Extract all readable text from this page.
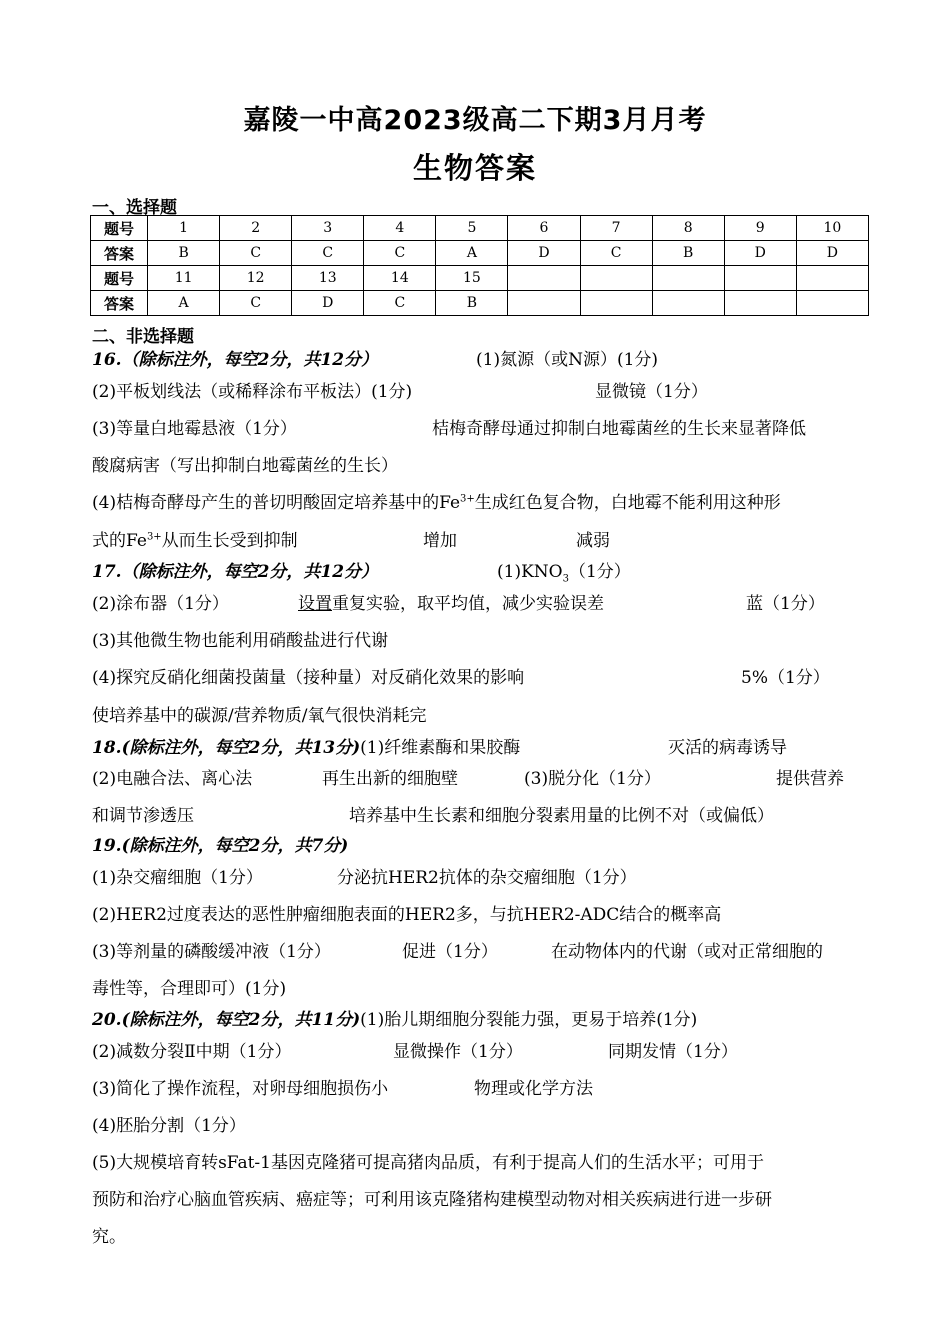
嘉陵一中高2023级高二下期3月月考
生物答案
一、选择题
题号	1	2	3	4	5	6	7	8	9	10
答案	B	C	C	C	A	D	C	B	D	D
题号	11	12	13	14	15					
答案	A	C	D	C	B					
二、非选择题
16.（除标注外，每空2分，共12分）	(1)氮源（或N源）(1分)
(2)平板划线法（或稀释涂布平板法）(1分)	显微镜（1分）
(3)等量白地霉悬液（1分）	桔梅奇酵母通过抑制白地霉菌丝的生长来显著降低
酸腐病害（写出抑制白地霉菌丝的生长）
(4)桔梅奇酵母产生的普切明酸固定培养基中的$Fe^{3+}$生成红色复合物，白地霉不能利用这种形
式的$Fe^{3+}$从而生长受到抑制	增加	减弱
17.（除标注外，每空2分，共12分）	$(1)KNO_3(1$分）
(2)涂布器（1分）	设置重复实验，取平均值，减少实验误差	蓝（1分）
(3)其他微生物也能利用硝酸盐进行代谢
(4)探究反硝化细菌投菌量（接种量）对反硝化效果的影响	5%（1分）
使培养基中的碳源/营养物质/氧气很快消耗完
18.(除标注外，每空2分，共13分)(1)纤维素酶和果胶酶	灭活的病毒诱导
(2)电融合法、离心法	再生出新的细胞壁	(3)脱分化（1分）	提供营养
和调节渗透压	培养基中生长素和细胞分裂素用量的比例不对（或偏低）
19.(除标注外，每空2分，共7分)
(1)杂交瘤细胞（1分）	分泌抗HER2抗体的杂交瘤细胞（1分）
(2)HER2过度表达的恶性肿瘤细胞表面的HER2多，与抗HER2-ADC结合的概率高
(3)等剂量的磷酸缓冲液（1分）	促进（1分）	在动物体内的代谢（或对正常细胞的
毒性等，合理即可）(1分)
20.(除标注外，每空2分，共11分)(1)胎儿期细胞分裂能力强，更易于培养(1分)
(2)减数分裂Ⅱ中期（1分）	显微操作（1分）	同期发情（1分）
(3)简化了操作流程，对卵母细胞损伤小	物理或化学方法
(4)胚胎分割（1分）
(5)大规模培育转sFat-1基因克隆猪可提高猪肉品质，有利于提高人们的生活水平；可用于
预防和治疗心脑血管疾病、癌症等；可利用该克隆猪构建模型动物对相关疾病进行进一步研
究。
